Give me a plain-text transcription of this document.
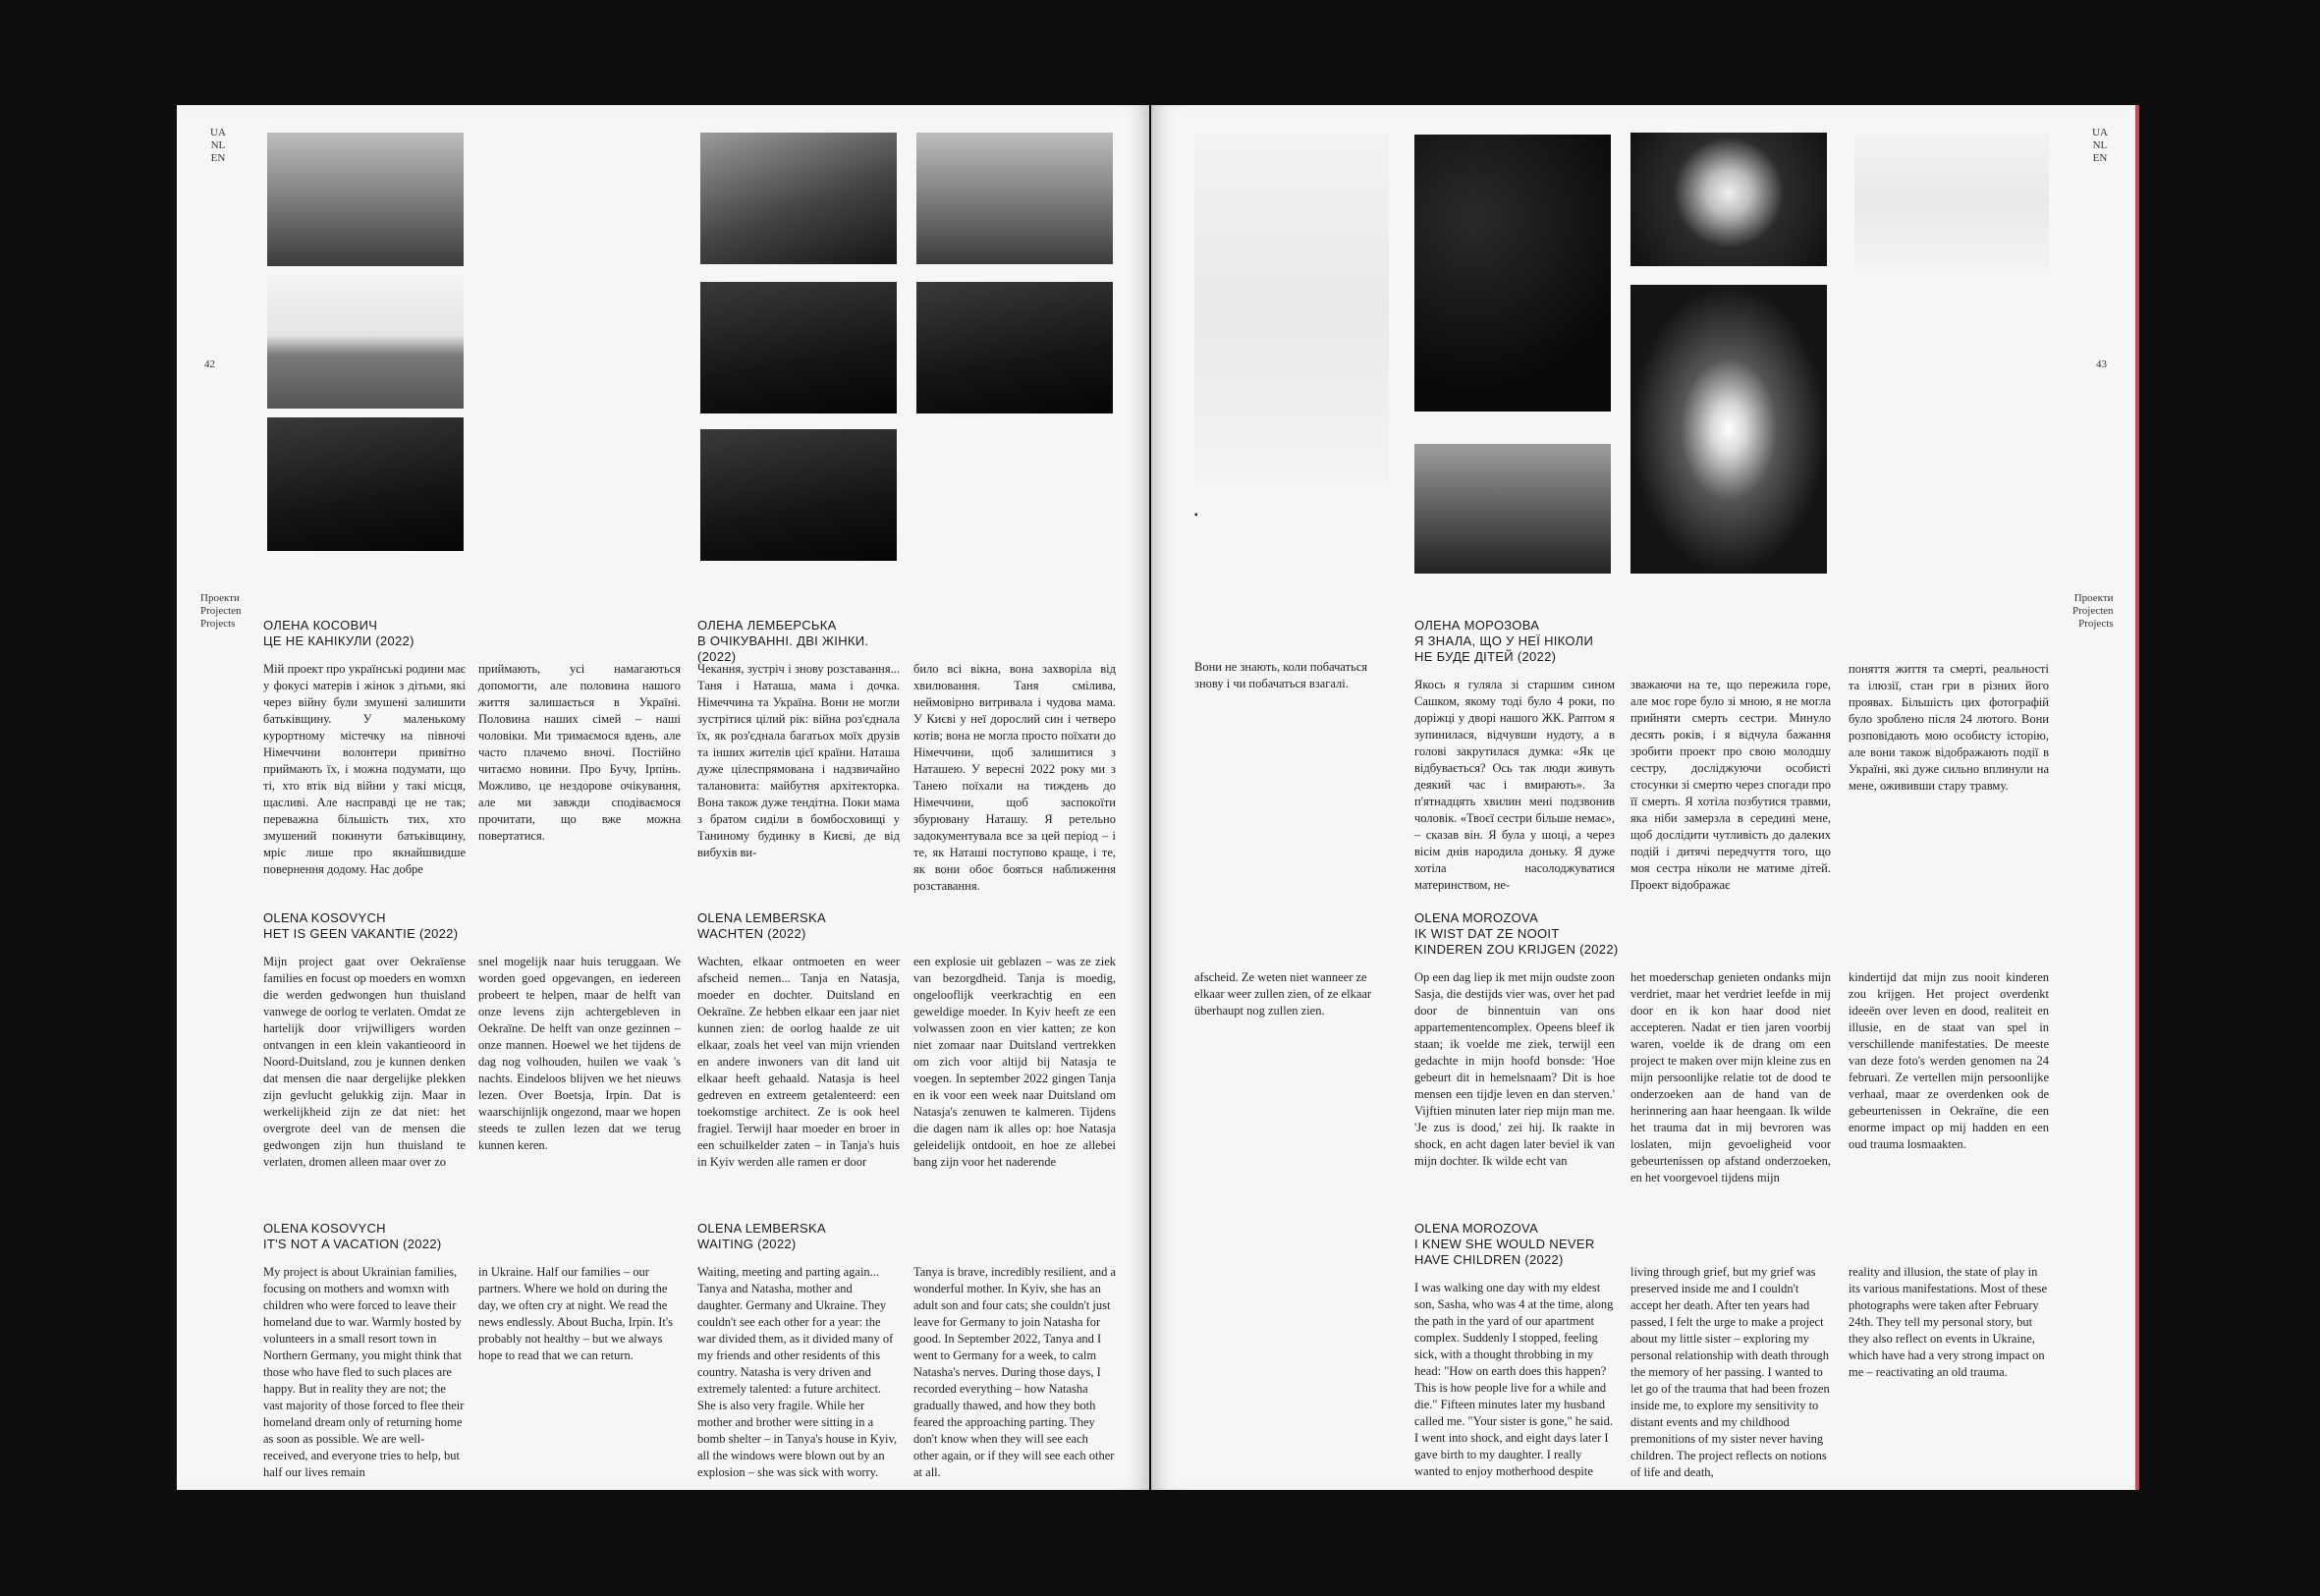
UA
NL
EN
42
Проекти
Projecten
Projects	ОЛЕНА КОСОВИЧ
ЦЕ НЕ КАНІКУЛИ (2022)
Мій проект про українські родини має у фокусі матерів і жінок з дітьми, які через війну були змушені залишити батьківщину. У маленькому курортному містечку на півночі Німеччини волонтери привітно приймають їх, і можна подумати, що ті, хто втік від війни у такі місця, щасливі. Але насправді це не так; переважна більшість тих, хто змушений покинути батьківщину, мріє лише про якнайшвидше повернення додому. Нас добре
приймають, усі намагаються допомогти, але половина нашого життя залишається в Україні. Половина наших сімей – наші чоловіки. Ми тримаємося вдень, але часто плачемо вночі. Постійно читаємо новини. Про Бучу, Ірпінь. Можливо, це нездорове очікування, але ми завжди сподіваємося прочитати, що вже можна повертатися.
ОЛЕНА ЛЕМБЕРСЬКА
В ОЧІКУВАННІ. ДВІ ЖІНКИ.
(2022)
Чекання, зустріч і знову розставання... Таня і Наташа, мама і дочка. Німеччина та Україна. Вони не могли зустрітися цілий рік: війна роз'єднала їх, як роз'єднала багатьох моїх друзів та інших жителів цієї країни. Наташа дуже цілеспрямована і надзвичайно талановита: майбутня архітекторка. Вона також дуже тендітна. Поки мама з братом сиділи в бомбосховищі у Таниному будинку в Києві, де від вибухів ви-
било всі вікна, вона захворіла від хвилювання. Таня смілива, неймовірно витривала і чудова мама. У Києві у неї дорослий син і четверо котів; вона не могла просто поїхати до Німеччини, щоб залишитися з Наташею. У вересні 2022 року ми з Танею поїхали на тиждень до Німеччини, щоб заспокоїти збурювану Наташу. Я ретельно задокументувала все за цей період – і те, як Наташі поступово краще, і те, як вони обоє бояться наближення розставання.
OLENA KOSOVYCH
HET IS GEEN VAKANTIE (2022)
Mijn project gaat over Oekraïense families en focust op moeders en womxn die werden gedwongen hun thuisland vanwege de oorlog te verlaten. Omdat ze hartelijk door vrijwilligers worden ontvangen in een klein vakantieoord in Noord-Duitsland, zou je kunnen denken dat mensen die naar dergelijke plekken zijn gevlucht gelukkig zijn. Maar in werkelijkheid zijn ze dat niet: het overgrote deel van de mensen die gedwongen zijn hun thuisland te verlaten, dromen alleen maar over zo
snel mogelijk naar huis teruggaan. We worden goed opgevangen, en iedereen probeert te helpen, maar de helft van onze levens zijn achtergebleven in Oekraïne. De helft van onze gezinnen – onze mannen. Hoewel we het tijdens de dag nog volhouden, huilen we vaak 's nachts. Eindeloos blijven we het nieuws lezen. Over Boetsja, Irpin. Dat is waarschijnlijk ongezond, maar we hopen steeds te zullen lezen dat we terug kunnen keren.
OLENA LEMBERSKA
WACHTEN (2022)
Wachten, elkaar ontmoeten en weer afscheid nemen... Tanja en Natasja, moeder en dochter. Duitsland en Oekraïne. Ze hebben elkaar een jaar niet kunnen zien: de oorlog haalde ze uit elkaar, zoals het veel van mijn vrienden en andere inwoners van dit land uit elkaar heeft gehaald. Natasja is heel gedreven en extreem getalenteerd: een toekomstige architect. Ze is ook heel fragiel. Terwijl haar moeder en broer in een schuilkelder zaten – in Tanja's huis in Kyiv werden alle ramen er door
een explosie uit geblazen – was ze ziek van bezorgdheid. Tanja is moedig, ongelooflijk veerkrachtig en een geweldige moeder. In Kyiv heeft ze een volwassen zoon en vier katten; ze kon niet zomaar naar Duitsland vertrekken om zich voor altijd bij Natasja te voegen. In september 2022 gingen Tanja en ik voor een week naar Duitsland om Natasja's zenuwen te kalmeren. Tijdens die dagen nam ik alles op: hoe Natasja geleidelijk ontdooit, en hoe ze allebei bang zijn voor het naderende
OLENA KOSOVYCH
IT'S NOT A VACATION (2022)
My project is about Ukrainian families, focusing on mothers and womxn with children who were forced to leave their homeland due to war. Warmly hosted by volunteers in a small resort town in Northern Germany, you might think that those who have fled to such places are happy. But in reality they are not; the vast majority of those forced to flee their homeland dream only of returning home as soon as possible. We are well-received, and everyone tries to help, but half our lives remain
in Ukraine. Half our families – our partners. Where we hold on during the day, we often cry at night. We read the news endlessly. About Bucha, Irpin. It's probably not healthy – but we always hope to read that we can return.
OLENA LEMBERSKA
WAITING (2022)
Waiting, meeting and parting again... Tanya and Natasha, mother and daughter. Germany and Ukraine. They couldn't see each other for a year: the war divided them, as it divided many of my friends and other residents of this country. Natasha is very driven and extremely talented: a future architect. She is also very fragile. While her mother and brother were sitting in a bomb shelter – in Tanya's house in Kyiv, all the windows were blown out by an explosion – she was sick with worry.
Tanya is brave, incredibly resilient, and a wonderful mother. In Kyiv, she has an adult son and four cats; she couldn't just leave for Germany to join Natasha for good. In September 2022, Tanya and I went to Germany for a week, to calm Natasha's nerves. During those days, I recorded everything – how Natasha gradually thawed, and how they both feared the approaching parting. They don't know when they will see each other again, or if they will see each other at all.
UA
NL
EN
43
Проекти
Projecten
Projects
▪
Вони не знають, коли побачаться знову і чи побачаться взагалі.
ОЛЕНА МОРОЗОВА
Я ЗНАЛА, ЩО У НЕЇ НІКОЛИ
НЕ БУДЕ ДІТЕЙ (2022)
Якось я гуляла зі старшим сином Сашком, якому тоді було 4 роки, по доріжці у дворі нашого ЖК. Раптом я зупинилася, відчувши нудоту, а в голові закрутилася думка: «Як це відбувається? Ось так люди живуть деякий час і вмирають». За п'ятнадцять хвилин мені подзвонив чоловік. «Твоєї сестри більше немає», – сказав він. Я була у шоці, а через вісім днів народила доньку. Я дуже хотіла насолоджуватися материнством, не-
зважаючи на те, що пережила горе, але моє горе було зі мною, я не могла прийняти смерть сестри. Минуло десять років, і я відчула бажання зробити проект про свою молодшу сестру, досліджуючи особисті стосунки зі смертю через спогади про її смерть. Я хотіла позбутися травми, яка ніби замерзла в середині мене, щоб дослідити чутливість до далеких подій і дитячі передчуття того, що моя сестра ніколи не матиме дітей. Проект відображає
поняття життя та смерті, реальності та ілюзії, стан гри в різних його проявах. Більшість цих фотографій було зроблено після 24 лютого. Вони розповідають мою особисту історію, але вони також відображають події в Україні, які дуже сильно вплинули на мене, ожививши стару травму.
afscheid. Ze weten niet wanneer ze elkaar weer zullen zien, of ze elkaar überhaupt nog zullen zien.
OLENA MOROZOVA
IK WIST DAT ZE NOOIT
KINDEREN ZOU KRIJGEN (2022)
Op een dag liep ik met mijn oudste zoon Sasja, die destijds vier was, over het pad door de binnentuin van ons appartementencomplex. Opeens bleef ik staan; ik voelde me ziek, terwijl een gedachte in mijn hoofd bonsde: 'Hoe gebeurt dit in hemelsnaam? Dit is hoe mensen een tijdje leven en dan sterven.' Vijftien minuten later riep mijn man me. 'Je zus is dood,' zei hij. Ik raakte in shock, en acht dagen later beviel ik van mijn dochter. Ik wilde echt van
het moederschap genieten ondanks mijn verdriet, maar het verdriet leefde in mij door en ik kon haar dood niet accepteren. Nadat er tien jaren voorbij waren, voelde ik de drang om een project te maken over mijn kleine zus en mijn persoonlijke relatie tot de dood te onderzoeken aan de hand van de herinnering aan haar heengaan. Ik wilde het trauma dat in mij bevroren was loslaten, mijn gevoeligheid voor gebeurtenissen op afstand onderzoeken, en het voorgevoel tijdens mijn
kindertijd dat mijn zus nooit kinderen zou krijgen. Het project overdenkt ideeën over leven en dood, realiteit en illusie, en de staat van spel in verschillende manifestaties. De meeste van deze foto's werden genomen na 24 februari. Ze vertellen mijn persoonlijke verhaal, maar ze overdenken ook de gebeurtenissen in Oekraïne, die een enorme impact op mij hadden en een oud trauma losmaakten.
OLENA MOROZOVA
I KNEW SHE WOULD NEVER
HAVE CHILDREN (2022)
I was walking one day with my eldest son, Sasha, who was 4 at the time, along the path in the yard of our apartment complex. Suddenly I stopped, feeling sick, with a thought throbbing in my head: "How on earth does this happen? This is how people live for a while and die." Fifteen minutes later my husband called me. "Your sister is gone," he said. I went into shock, and eight days later I gave birth to my daughter. I really wanted to enjoy motherhood despite
living through grief, but my grief was preserved inside me and I couldn't accept her death. After ten years had passed, I felt the urge to make a project about my little sister – exploring my personal relationship with death through the memory of her passing. I wanted to let go of the trauma that had been frozen inside me, to explore my sensitivity to distant events and my childhood premonitions of my sister never having children. The project reflects on notions of life and death,
reality and illusion, the state of play in its various manifestations. Most of these photographs were taken after February 24th. They tell my personal story, but they also reflect on events in Ukraine, which have had a very strong impact on me – reactivating an old trauma.
